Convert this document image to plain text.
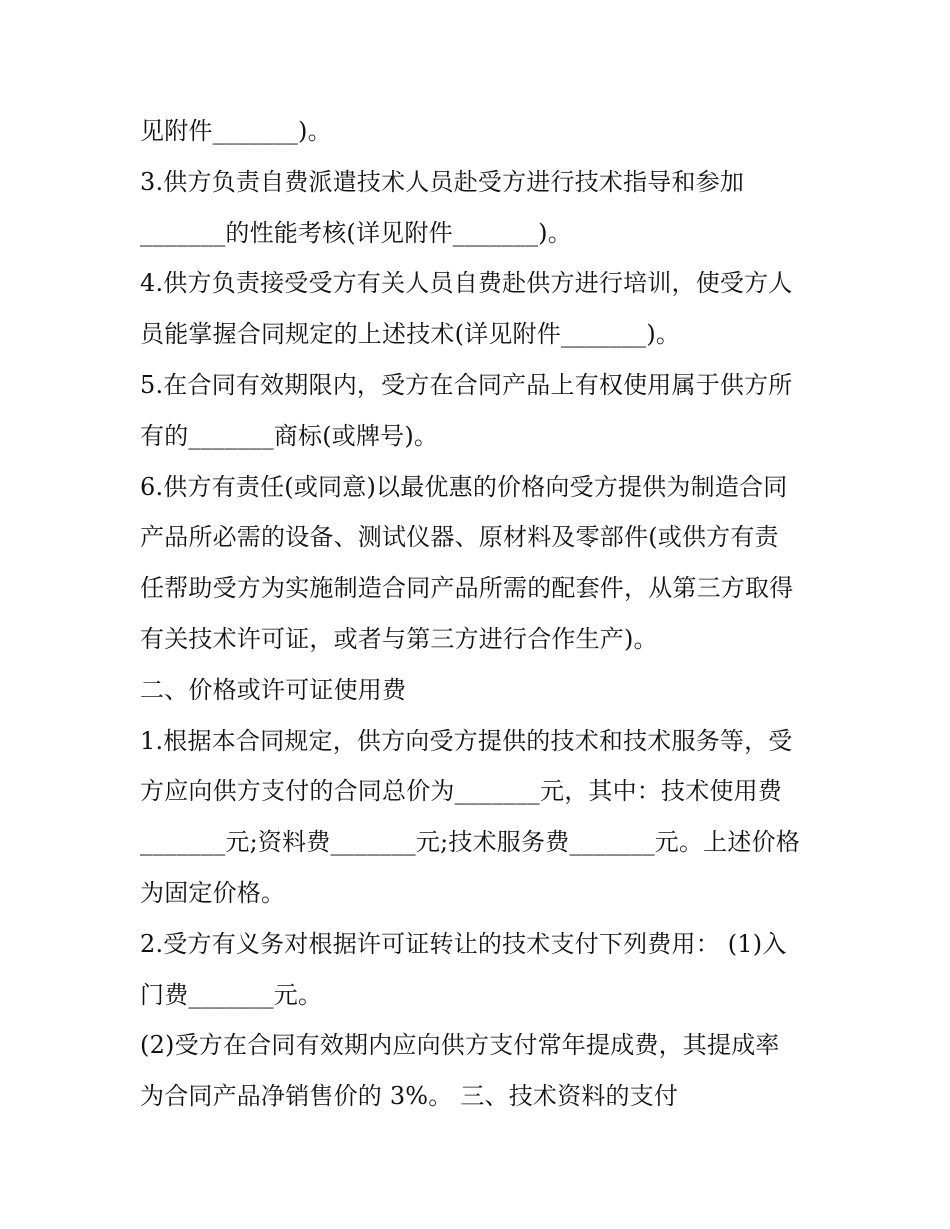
见附件_______)。
3.供方负责自费派遣技术人员赴受方进行技术指导和参加
_______的性能考核(详见附件_______)。
4.供方负责接受受方有关人员自费赴供方进行培训，使受方人
员能掌握合同规定的上述技术(详见附件_______)。
5.在合同有效期限内，受方在合同产品上有权使用属于供方所
有的_______商标(或牌号)。
6.供方有责任(或同意)以最优惠的价格向受方提供为制造合同
产品所必需的设备、测试仪器、原材料及零部件(或供方有责
任帮助受方为实施制造合同产品所需的配套件，从第三方取得
有关技术许可证，或者与第三方进行合作生产)。
二、价格或许可证使用费
1.根据本合同规定，供方向受方提供的技术和技术服务等，受
方应向供方支付的合同总价为_______元，其中：技术使用费
_______元;资料费_______元;技术服务费_______元。上述价格
为固定价格。
2.受方有义务对根据许可证转让的技术支付下列费用： (1)入
门费_______元。
(2)受方在合同有效期内应向供方支付常年提成费，其提成率
为合同产品净销售价的 3%。 三、技术资料的支付
